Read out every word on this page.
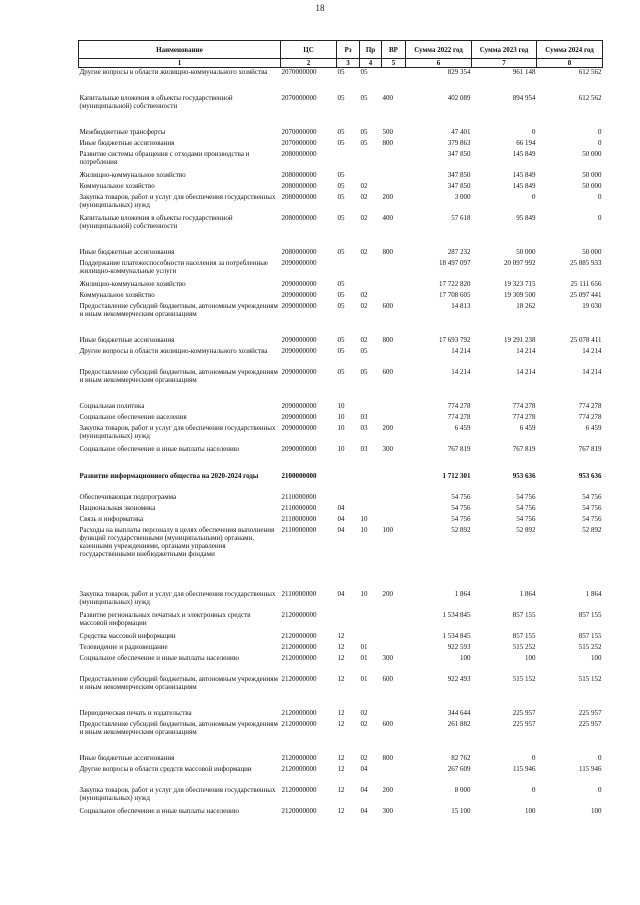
18
Наименование	ЦС	Рз	Пр	ВР	Сумма 2022 год	Сумма 2023 год	Сумма 2024 год
1	2	3	4	5	6	7	8
Другие вопросы в области жилищно-коммунального хозяйства	2070000000	05	05		829 354	961 148	612 562
Капитальные вложения в объекты государственной (муниципальной) собственности	2070000000	05	05	400	402 089	894 954	612 562
Межбюджетные трансферты	2070000000	05	05	500	47 401	0	0
Иные бюджетные ассигнования	2070000000	05	05	800	379 863	66 194	0
Развитие системы обращения с отходами производства и потребления	2080000000				347 850	145 849	50 000
Жилищно-коммунальное хозяйство	2080000000	05			347 850	145 849	50 000
Коммунальное хозяйство	2080000000	05	02		347 850	145 849	50 000
Закупка товаров, работ и услуг для обеспечения государственных (муниципальных) нужд	2080000000	05	02	200	3 000	0	0
Капитальные вложения в объекты государственной (муниципальной) собственности	2080000000	05	02	400	57 618	95 849	0
Иные бюджетные ассигнования	2080000000	05	02	800	287 232	50 000	50 000
Поддержание платежеспособности населения за потребленные жилищно-коммунальные услуги	2090000000				18 497 097	20 097 992	25 885 933
Жилищно-коммунальное хозяйство	2090000000	05			17 722 820	19 323 715	25 111 656
Коммунальное хозяйство	2090000000	05	02		17 708 605	19 309 500	25 097 441
Предоставление субсидий бюджетным, автономным учреждениям и иным некоммерческим организациям	2090000000	05	02	600	14 813	18 262	19 030
Иные бюджетные ассигнования	2090000000	05	02	800	17 693 792	19 291 238	25 078 411
Другие вопросы в области жилищно-коммунального хозяйства	2090000000	05	05		14 214	14 214	14 214
Предоставление субсидий бюджетным, автономным учреждениям и иным некоммерческим организациям	2090000000	05	05	600	14 214	14 214	14 214
Социальная политика	2090000000	10			774 278	774 278	774 278
Социальное обеспечение населения	2090000000	10	03		774 278	774 278	774 278
Закупка товаров, работ и услуг для обеспечения государственных (муниципальных) нужд	2090000000	10	03	200	6 459	6 459	6 459
Социальное обеспечение и иные выплаты населению	2090000000	10	03	300	767 819	767 819	767 819
Развитие информационного общества на 2020-2024 годы	2100000000				1 712 301	953 636	953 636
Обеспечивающая подпрограмма	2110000000				54 756	54 756	54 756
Национальная экономика	2110000000	04			54 756	54 756	54 756
Связь и информатика	2110000000	04	10		54 756	54 756	54 756
Расходы на выплаты персоналу в целях обеспечения выполнения функций государственными (муниципальными) органами, казенными учреждениями, органами управления государственными внебюджетными фондами	2110000000	04	10	100	52 892	52 892	52 892
Закупка товаров, работ и услуг для обеспечения государственных (муниципальных) нужд	2110000000	04	10	200	1 864	1 864	1 864
Развитие региональных печатных и электронных средств массовой информации	2120000000				1 534 845	857 155	857 155
Средства массовой информации	2120000000	12			1 534 845	857 155	857 155
Телевидение и радиовещание	2120000000	12	01		922 593	515 252	515 252
Социальное обеспечение и иные выплаты населению	2120000000	12	01	300	100	100	100
Предоставление субсидий бюджетным, автономным учреждениям и иным некоммерческим организациям	2120000000	12	01	600	922 493	515 152	515 152
Периодическая печать и издательства	2120000000	12	02		344 644	225 957	225 957
Предоставление субсидий бюджетным, автономным учреждениям и иным некоммерческим организациям	2120000000	12	02	600	261 882	225 957	225 957
Иные бюджетные ассигнования	2120000000	12	02	800	82 762	0	0
Другие вопросы в области средств массовой информации	2120000000	12	04		267 609	115 946	115 946
Закупка товаров, работ и услуг для обеспечения государственных (муниципальных) нужд	2120000000	12	04	200	8 000	0	0
Социальное обеспечение и иные выплаты населению	2120000000	12	04	300	15 100	100	100
